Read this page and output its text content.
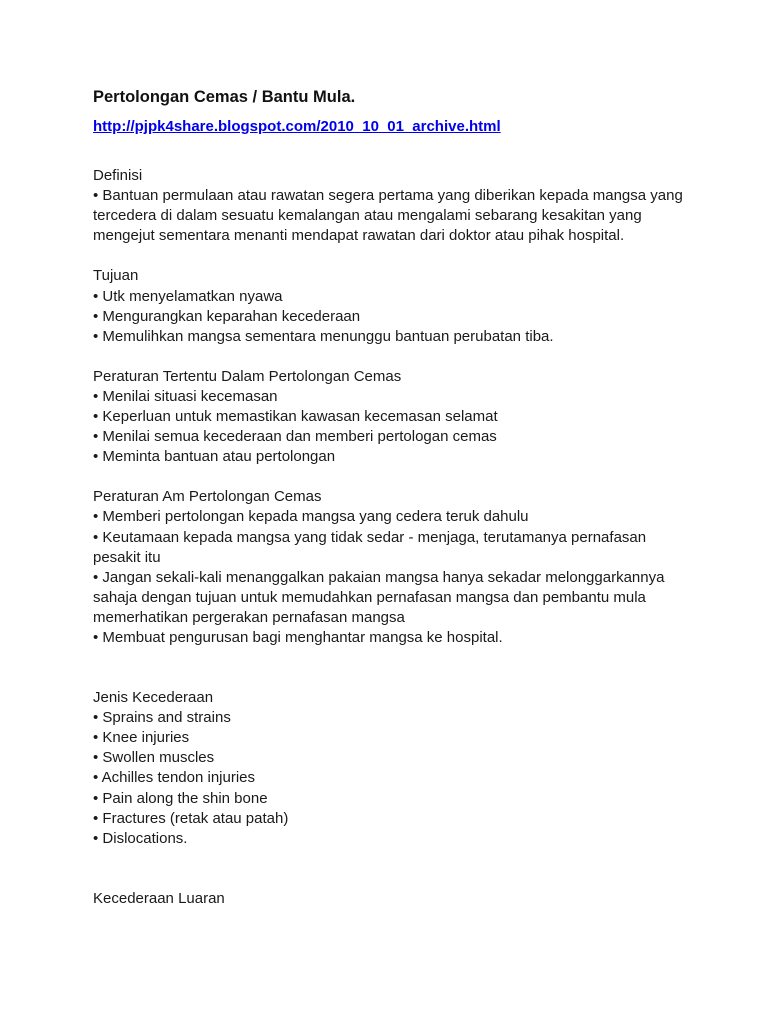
Pertolongan Cemas / Bantu Mula.
http://pjpk4share.blogspot.com/2010_10_01_archive.html
Definisi
• Bantuan permulaan atau rawatan segera pertama yang diberikan kepada mangsa yang tercedera di dalam sesuatu kemalangan atau mengalami sebarang kesakitan yang mengejut sementara menanti mendapat rawatan dari doktor atau pihak hospital.
Tujuan
• Utk menyelamatkan nyawa
• Mengurangkan keparahan kecederaan
• Memulihkan mangsa sementara menunggu bantuan perubatan tiba.
Peraturan Tertentu Dalam Pertolongan Cemas
• Menilai situasi kecemasan
• Keperluan untuk memastikan kawasan kecemasan selamat
• Menilai semua kecederaan dan memberi pertologan cemas
• Meminta bantuan atau pertolongan
Peraturan Am Pertolongan Cemas
• Memberi pertolongan kepada mangsa yang cedera teruk dahulu
• Keutamaan kepada mangsa yang tidak sedar - menjaga, terutamanya pernafasan pesakit itu
• Jangan sekali-kali menanggalkan pakaian mangsa hanya sekadar melonggarkannya sahaja dengan tujuan untuk memudahkan pernafasan mangsa dan pembantu mula memerhatikan pergerakan pernafasan mangsa
• Membuat pengurusan bagi menghantar mangsa ke hospital.
Jenis Kecederaan
• Sprains and strains
• Knee injuries
• Swollen muscles
• Achilles tendon injuries
• Pain along the shin bone
• Fractures (retak atau patah)
• Dislocations.
Kecederaan Luaran
